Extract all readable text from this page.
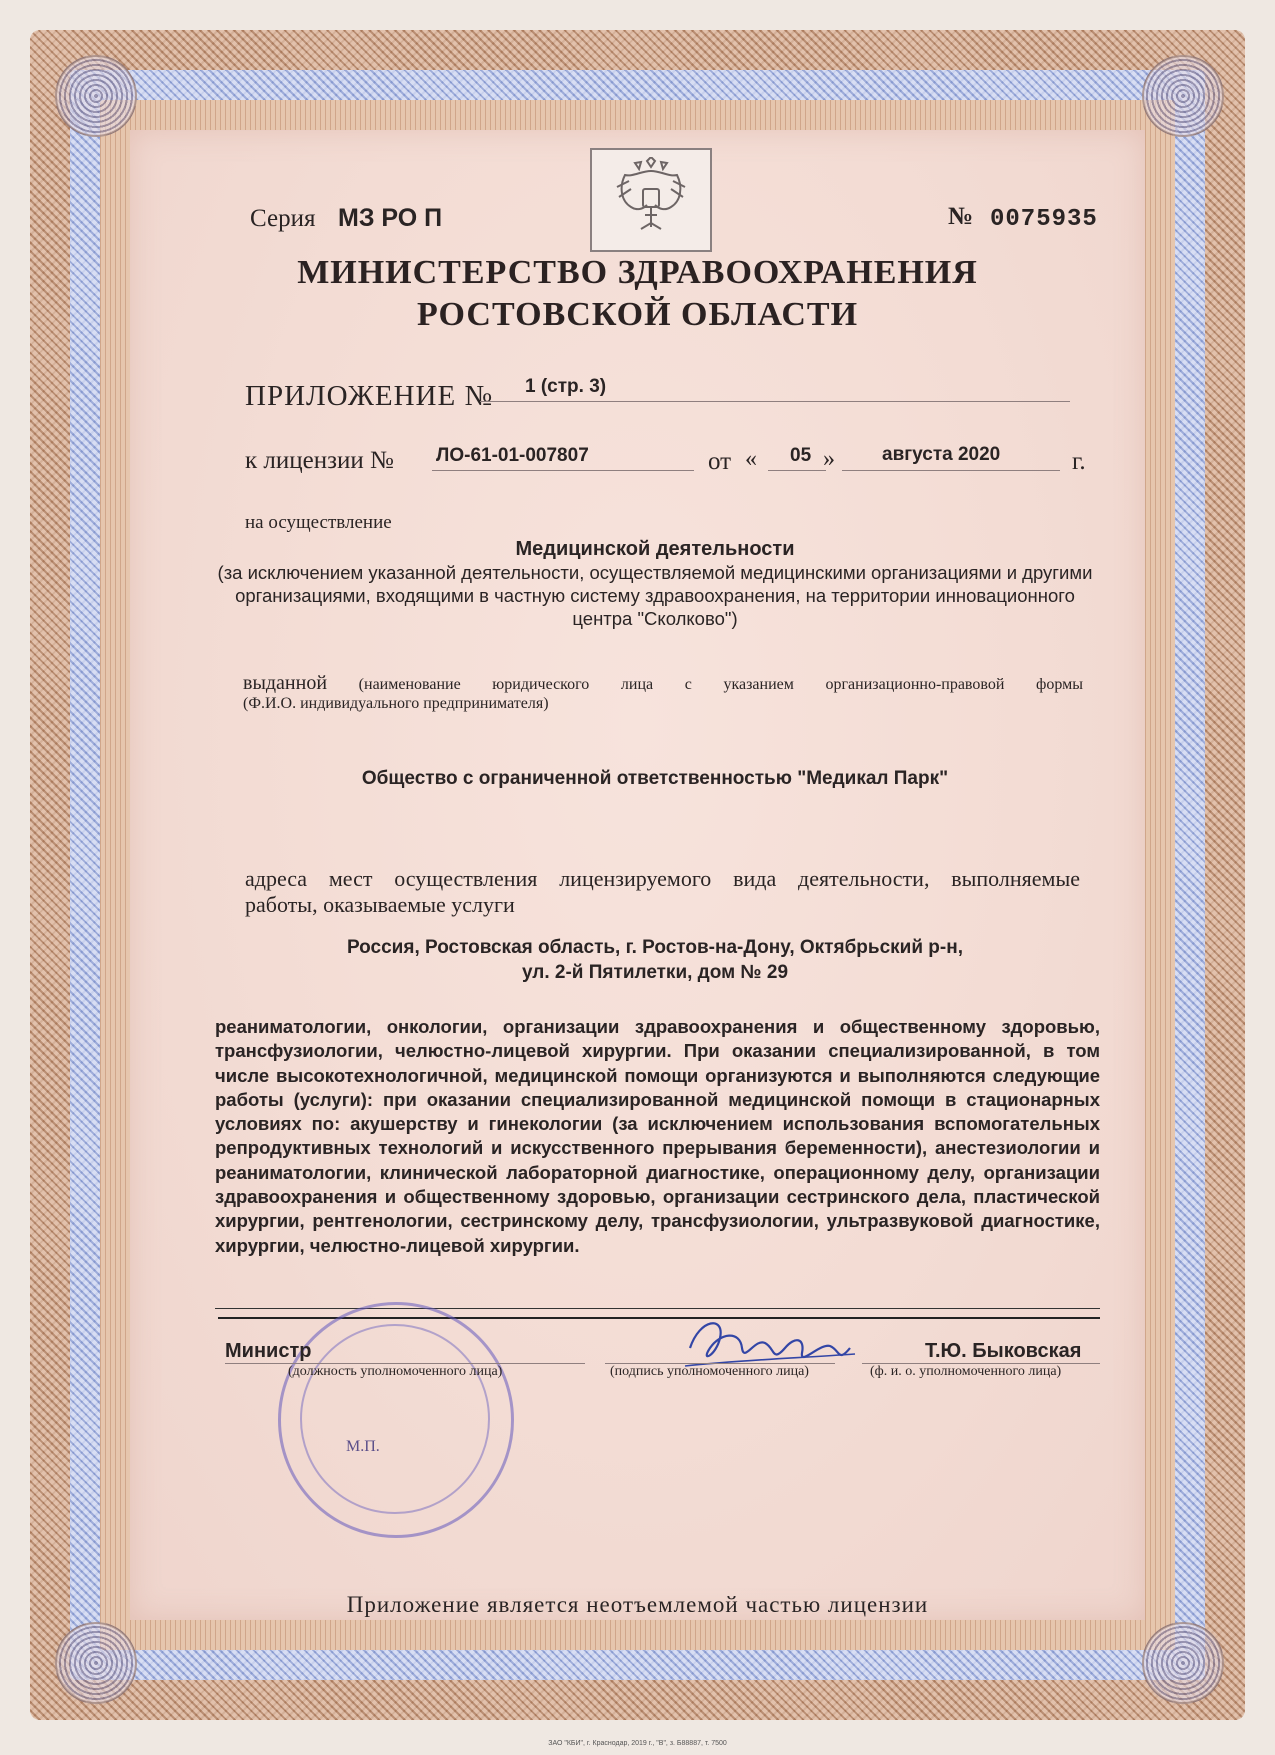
Серия МЗ РО П	№ 0075935
МИНИСТЕРСТВО ЗДРАВООХРАНЕНИЯ
РОСТОВСКОЙ ОБЛАСТИ
ПРИЛОЖЕНИЕ № 1 (стр. 3)
к лицензии № ЛО-61-01-007807	от « 05 » августа 2020	г.
на осуществление
Медицинской деятельности
(за исключением указанной деятельности, осуществляемой медицинскими организациями и другими организациями, входящими в частную систему здравоохранения, на территории инновационного центра "Сколково")
выданной (наименование юридического лица с указанием организационно-правовой формы
(Ф.И.О. индивидуального предпринимателя)
Общество с ограниченной ответственностью "Медикал Парк"
адреса мест осуществления лицензируемого вида деятельности, выполняемые
работы, оказываемые услуги
Россия, Ростовская область, г. Ростов-на-Дону, Октябрьский р-н,
ул. 2-й Пятилетки, дом № 29
реаниматологии, онкологии, организации здравоохранения и общественному здоровью, трансфузиологии, челюстно-лицевой хирургии. При оказании специализированной, в том числе высокотехнологичной, медицинской помощи организуются и выполняются следующие работы (услуги): при оказании специализированной медицинской помощи в стационарных условиях по: акушерству и гинекологии (за исключением использования вспомогательных репродуктивных технологий и искусственного прерывания беременности), анестезиологии и реаниматологии, клинической лабораторной диагностике, операционному делу, организации здравоохранения и общественному здоровью, организации сестринского дела, пластической хирургии, рентгенологии, сестринскому делу, трансфузиологии, ультразвуковой диагностике, хирургии, челюстно-лицевой хирургии.
М.П.
Министр
(должность уполномоченного лица)	(подпись уполномоченного лица)
Т.Ю. Быковская
(ф. и. о. уполномоченного лица)
Приложение является неотъемлемой частью лицензии
ЗАО "КБИ", г. Краснодар, 2019 г., "В", з. Б88887, т. 7500
